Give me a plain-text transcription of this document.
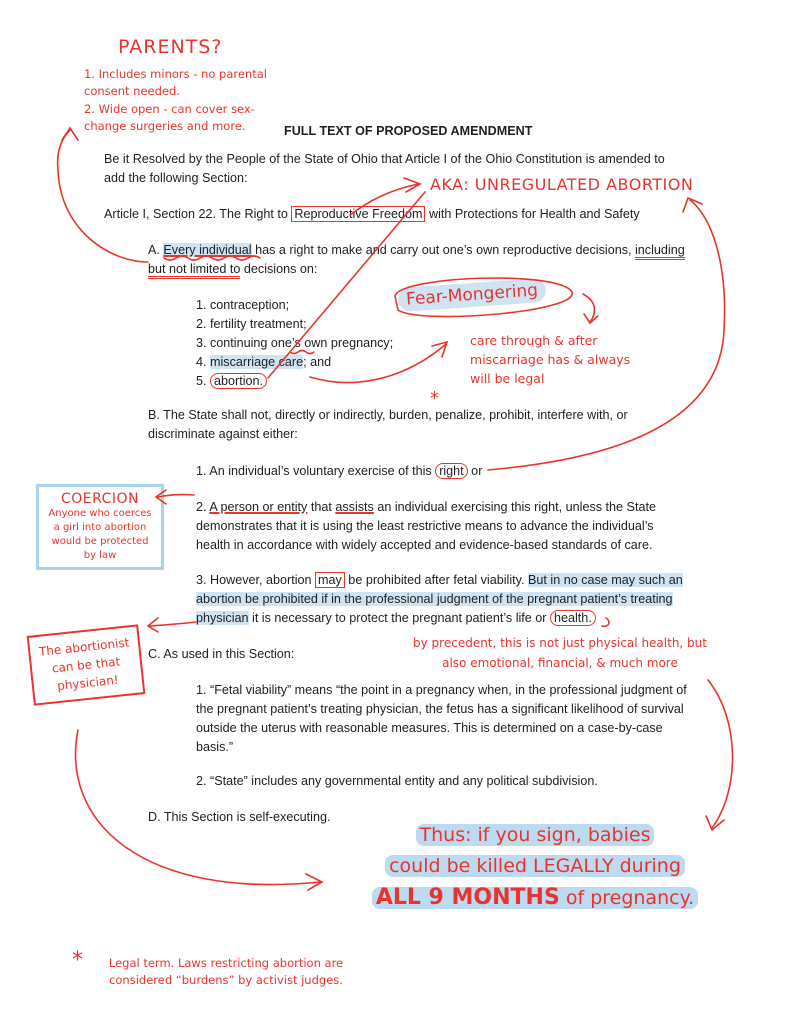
FULL TEXT OF PROPOSED AMENDMENT
Be it Resolved by the People of the State of Ohio that Article I of the Ohio Constitution is amended to add the following Section:
Article I, Section 22. The Right to Reproductive Freedom with Protections for Health and Safety
A. Every individual has a right to make and carry out one’s own reproductive decisions, including but not limited to decisions on:
1. contraception;
2. fertility treatment;
3. continuing one’s own pregnancy;
4. miscarriage care; and
5. abortion.
B. The State shall not, directly or indirectly, burden, penalize, prohibit, interfere with, or discriminate against either:
1. An individual’s voluntary exercise of this right or
2. A person or entity that assists an individual exercising this right, unless the State demonstrates that it is using the least restrictive means to advance the individual’s health in accordance with widely accepted and evidence-based standards of care.
3. However, abortion may be prohibited after fetal viability. But in no case may such an abortion be prohibited if in the professional judgment of the pregnant patient’s treating physician it is necessary to protect the pregnant patient’s life or health.
C. As used in this Section:
1. “Fetal viability” means “the point in a pregnancy when, in the professional judgment of the pregnant patient’s treating physician, the fetus has a significant likelihood of survival outside the uterus with reasonable measures. This is determined on a case-by-case basis.”
2. “State” includes any governmental entity and any political subdivision.
D. This Section is self-executing.
PARENTS?
1. Includes minors - no parental consent needed.
2. Wide open - can cover sex-change surgeries and more.
AKA: UNREGULATED ABORTION
Fear-Mongering
care through & after miscarriage has & always will be legal
*
COERCION
Anyone who coerces a girl into abortion would be protected by law
The abortionist can be that physician!
by precedent, this is not just physical health, but also emotional, financial, & much more
Thus: if you sign, babies
could be killed LEGALLY during
ALL 9 MONTHS of pregnancy.
*	Legal term. Laws restricting abortion are considered “burdens” by activist judges.
